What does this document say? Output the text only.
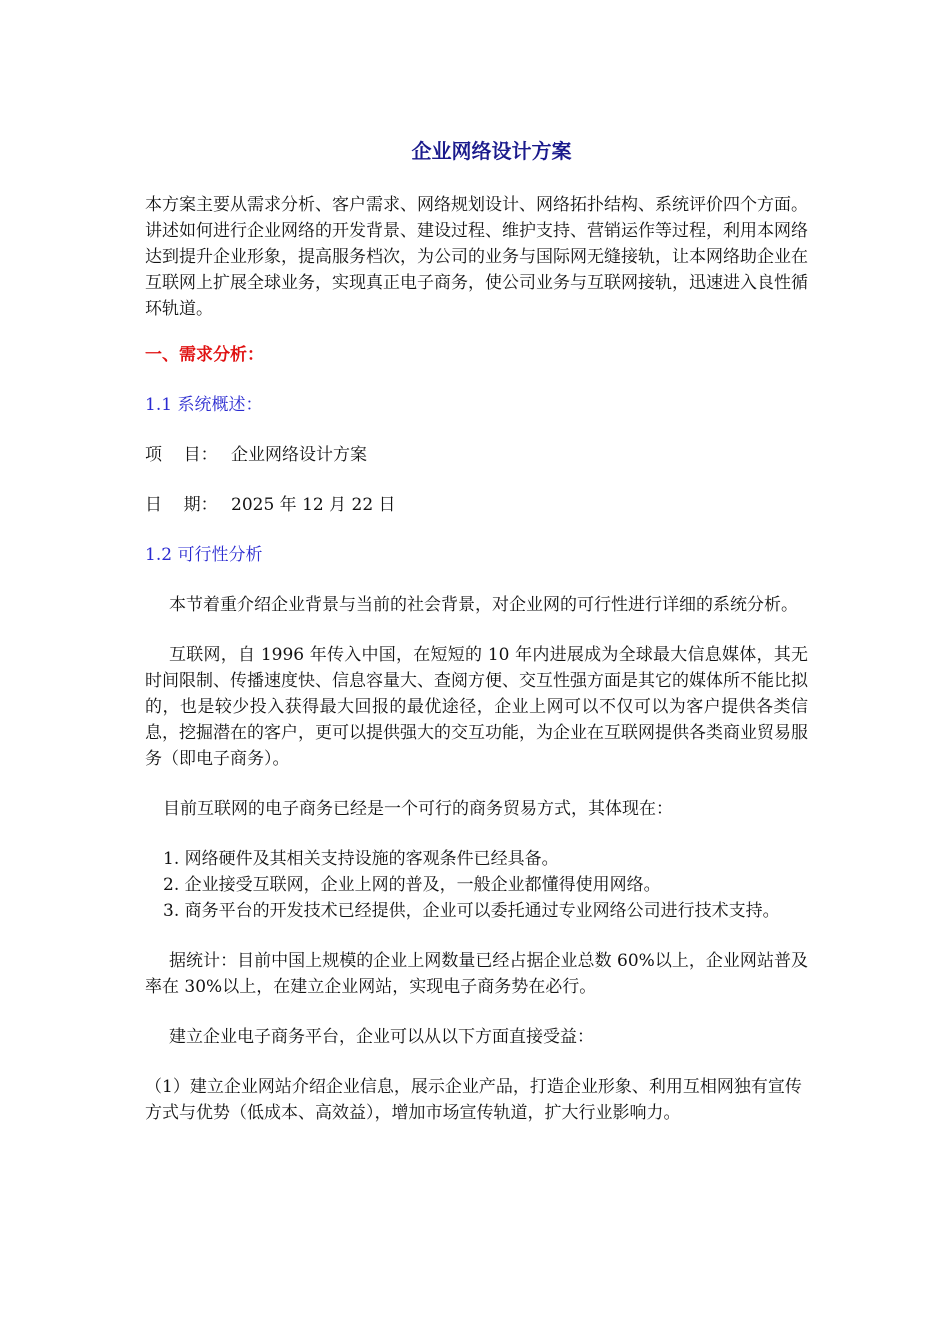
企业网络设计方案

本方案主要从需求分析、客户需求、网络规划设计、网络拓扑结构、系统评价四个方面。讲述如何进行企业网络的开发背景、建设过程、维护支持、营销运作等过程，利用本网络达到提升企业形象，提高服务档次，为公司的业务与国际网无缝接轨，让本网络助企业在互联网上扩展全球业务，实现真正电子商务，使公司业务与互联网接轨，迅速进入良性循环轨道。

一、需求分析：
1.1 系统概述：
项    目： 企业网络设计方案
日    期： 2025 年 12 月 22 日
1.2 可行性分析

本节着重介绍企业背景与当前的社会背景，对企业网的可行性进行详细的系统分析。

互联网，自 1996 年传入中国，在短短的 10 年内进展成为全球最大信息媒体，其无时间限制、传播速度快、信息容量大、查阅方便、交互性强方面是其它的媒体所不能比拟的，也是较少投入获得最大回报的最优途径，企业上网可以不仅可以为客户提供各类信息，挖掘潜在的客户，更可以提供强大的交互功能，为企业在互联网提供各类商业贸易服务（即电子商务）。

目前互联网的电子商务已经是一个可行的商务贸易方式，其体现在：

1. 网络硬件及其相关支持设施的客观条件已经具备。

2. 企业接受互联网，企业上网的普及，一般企业都懂得使用网络。

3. 商务平台的开发技术已经提供，企业可以委托通过专业网络公司进行技术支持。

据统计：目前中国上规模的企业上网数量已经占据企业总数 60%以上，企业网站普及率在 30%以上，在建立企业网站，实现电子商务势在必行。

建立企业电子商务平台，企业可以从以下方面直接受益：

（1）建立企业网站介绍企业信息，展示企业产品，打造企业形象、利用互相网独有宣传方式与优势（低成本、高效益），增加市场宣传轨道，扩大行业影响力。
